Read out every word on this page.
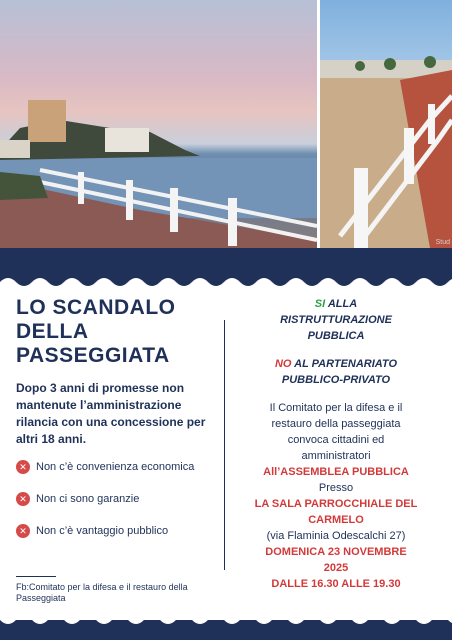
Stud
LO SCANDALO
DELLA
PASSEGGIATA
Dopo 3 anni di promesse non mantenute l’amministrazione rilancia con una concessione per altri 18 anni.
✕ Non c’è convenienza economica
✕ Non ci sono garanzie
✕ Non c’è vantaggio pubblico
Fb:Comitato per la difesa e il restauro della Passeggiata
SI ALLA
RISTRUTTURAZIONE
PUBBLICA
NO AL PARTENARIATO
PUBBLICO-PRIVATO
Il Comitato per la difesa e il
restauro della passeggiata
convoca cittadini ed
amministratori
All’ASSEMBLEA PUBBLICA
Presso
LA SALA PARROCCHIALE DEL
CARMELO
(via Flaminia Odescalchi 27)
DOMENICA 23 NOVEMBRE
2025
DALLE 16.30 ALLE 19.30
